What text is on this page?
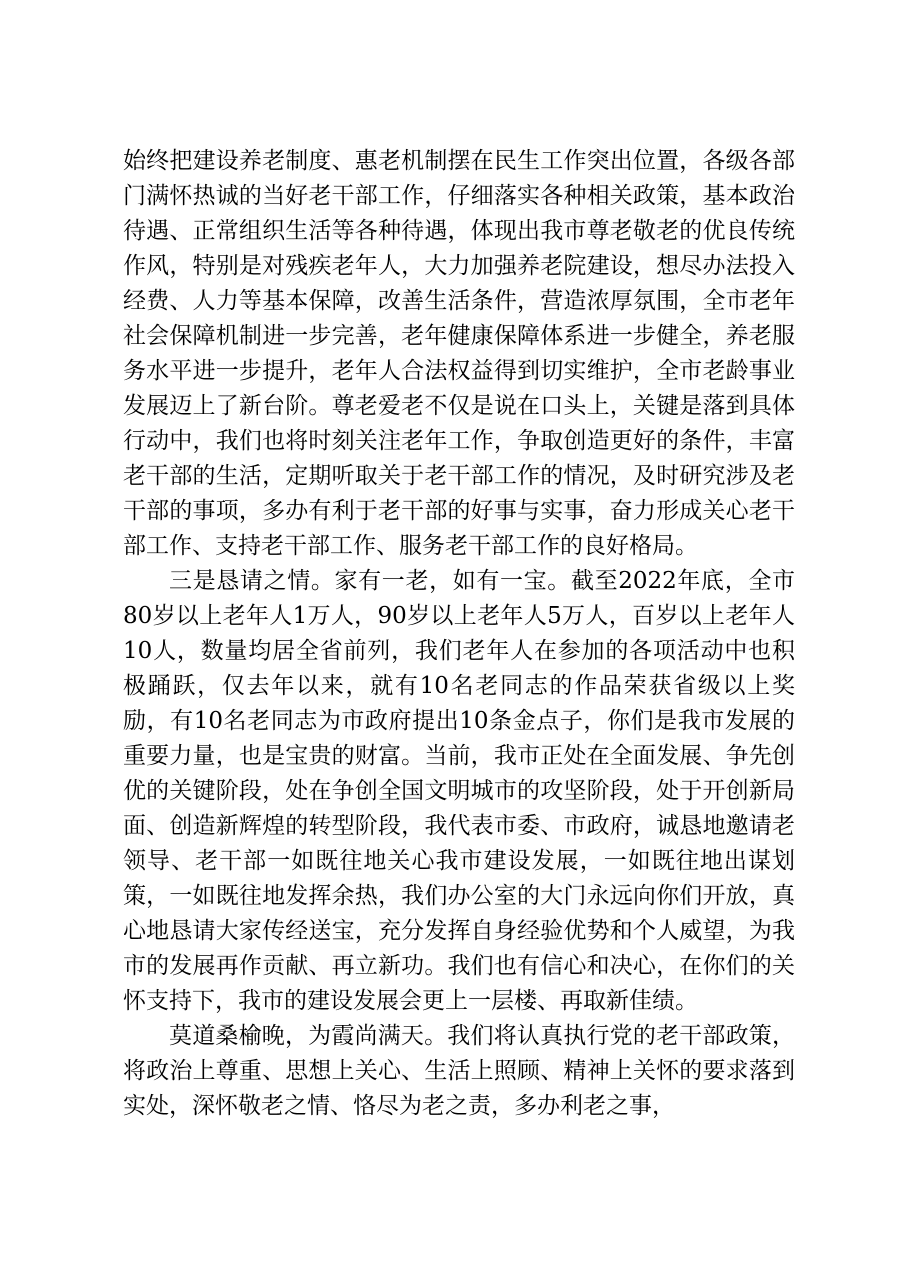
始终把建设养老制度、惠老机制摆在民生工作突出位置，各级各部门满怀热诚的当好老干部工作，仔细落实各种相关政策，基本政治待遇、正常组织生活等各种待遇，体现出我市尊老敬老的优良传统作风，特别是对残疾老年人，大力加强养老院建设，想尽办法投入经费、人力等基本保障，改善生活条件，营造浓厚氛围，全市老年社会保障机制进一步完善，老年健康保障体系进一步健全，养老服务水平进一步提升，老年人合法权益得到切实维护，全市老龄事业发展迈上了新台阶。尊老爱老不仅是说在口头上，关键是落到具体行动中，我们也将时刻关注老年工作，争取创造更好的条件，丰富老干部的生活，定期听取关于老干部工作的情况，及时研究涉及老干部的事项，多办有利于老干部的好事与实事，奋力形成关心老干部工作、支持老干部工作、服务老干部工作的良好格局。

三是恳请之情。家有一老，如有一宝。截至2022年底，全市80岁以上老年人1万人，90岁以上老年人5万人，百岁以上老年人10人，数量均居全省前列，我们老年人在参加的各项活动中也积极踊跃，仅去年以来，就有10名老同志的作品荣获省级以上奖励，有10名老同志为市政府提出10条金点子，你们是我市发展的重要力量，也是宝贵的财富。当前，我市正处在全面发展、争先创优的关键阶段，处在争创全国文明城市的攻坚阶段，处于开创新局面、创造新辉煌的转型阶段，我代表市委、市政府，诚恳地邀请老领导、老干部一如既往地关心我市建设发展，一如既往地出谋划策，一如既往地发挥余热，我们办公室的大门永远向你们开放，真心地恳请大家传经送宝，充分发挥自身经验优势和个人威望，为我市的发展再作贡献、再立新功。我们也有信心和决心，在你们的关怀支持下，我市的建设发展会更上一层楼、再取新佳绩。

莫道桑榆晚，为霞尚满天。我们将认真执行党的老干部政策，将政治上尊重、思想上关心、生活上照顾、精神上关怀的要求落到实处，深怀敬老之情、恪尽为老之责，多办利老之事，
